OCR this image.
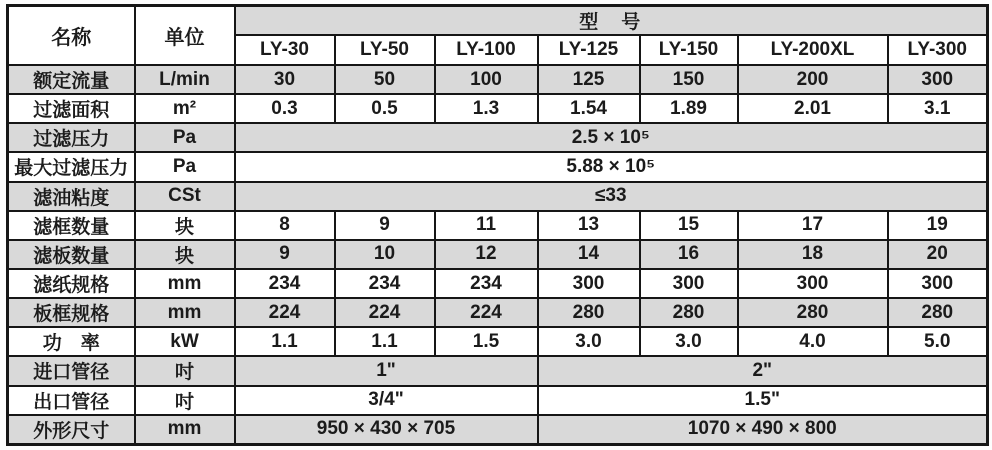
名称	单位	型　号						
		LY-30	LY-50	LY-100	LY-125	LY-150	LY-200XL	LY-300
额定流量	L/min	30	50	100	125	150	200	300
过滤面积	m²	0.3	0.5	1.3	1.54	1.89	2.01	3.1
过滤压力	Pa	2.5 × 10⁵						
最大过滤压力	Pa	5.88 × 10⁵						
滤油粘度	CSt	≤33						
滤框数量	块	8	9	11	13	15	17	19
滤板数量	块	9	10	12	14	16	18	20
滤纸规格	mm	234	234	234	300	300	300	300
板框规格	mm	224	224	224	280	280	280	280
功　率	kW	1.1	1.1	1.5	3.0	3.0	4.0	5.0
进口管径	吋	1"			2"			
出口管径	吋	3/4"			1.5"			
外形尺寸	mm	950 × 430 × 705			1070 × 490 × 800			
